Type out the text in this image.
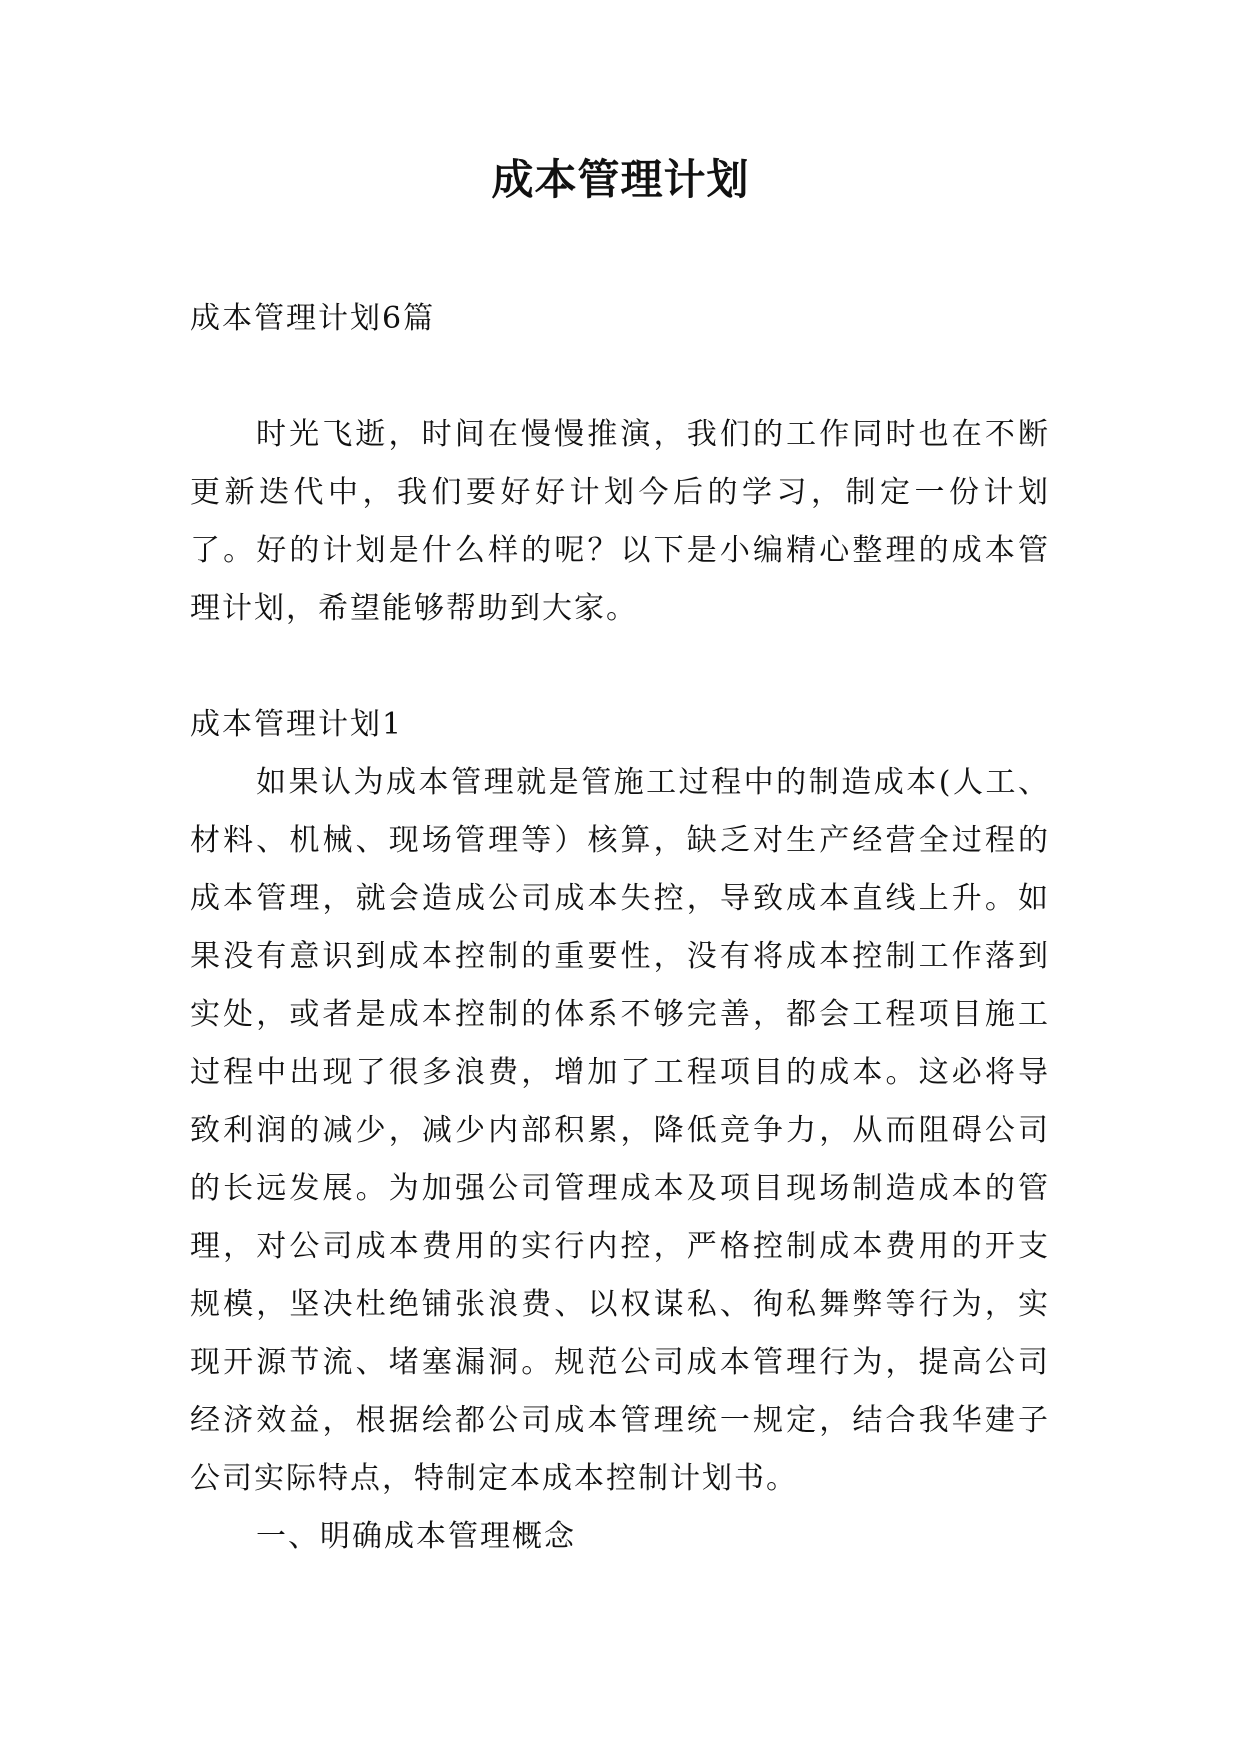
成本管理计划

成本管理计划6篇

时光飞逝，时间在慢慢推演，我们的工作同时也在不断更新迭代中，我们要好好计划今后的学习，制定一份计划了。好的计划是什么样的呢？以下是小编精心整理的成本管理计划，希望能够帮助到大家。

成本管理计划1

如果认为成本管理就是管施工过程中的制造成本(人工、材料、机械、现场管理等）核算，缺乏对生产经营全过程的成本管理，就会造成公司成本失控，导致成本直线上升。如果没有意识到成本控制的重要性，没有将成本控制工作落到实处，或者是成本控制的体系不够完善，都会工程项目施工过程中出现了很多浪费，增加了工程项目的成本。这必将导致利润的减少，减少内部积累，降低竞争力，从而阻碍公司的长远发展。为加强公司管理成本及项目现场制造成本的管理，对公司成本费用的实行内控，严格控制成本费用的开支规模，坚决杜绝铺张浪费、以权谋私、徇私舞弊等行为，实现开源节流、堵塞漏洞。规范公司成本管理行为，提高公司经济效益，根据绘都公司成本管理统一规定，结合我华建子公司实际特点，特制定本成本控制计划书。

一、明确成本管理概念
